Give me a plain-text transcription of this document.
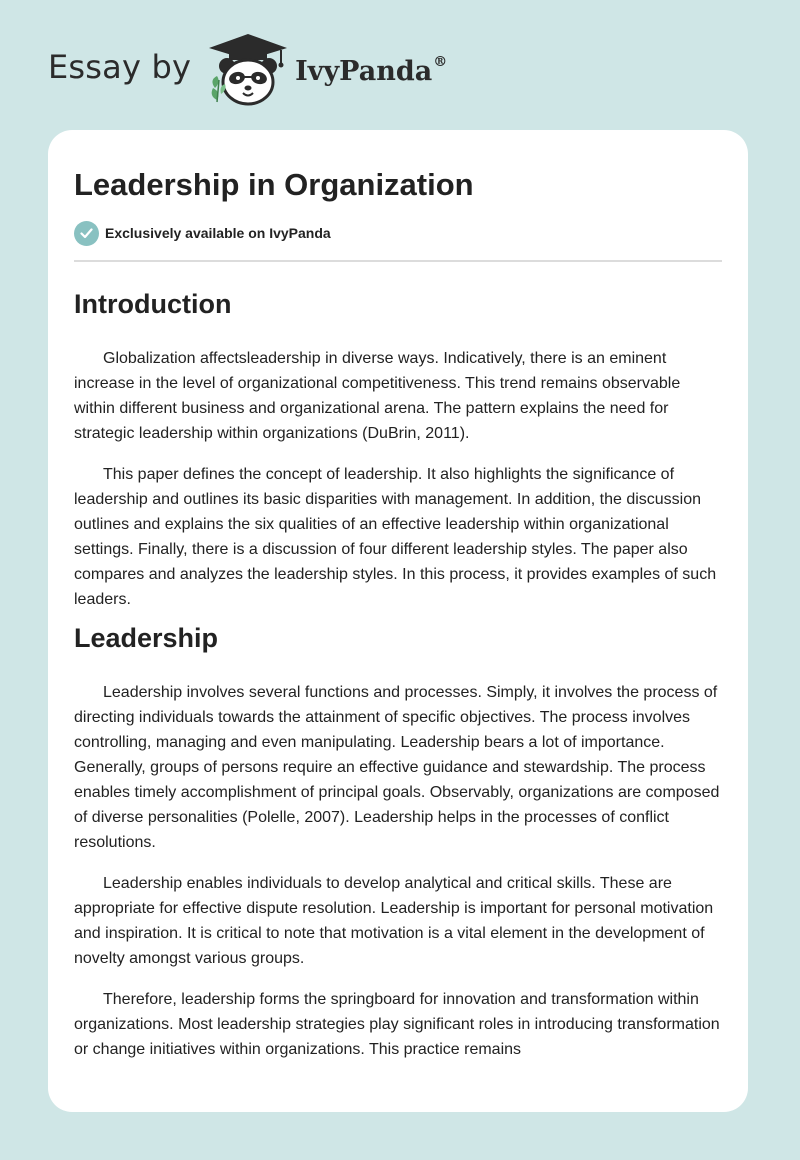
Essay by	IvyPanda®
Leadership in Organization
Exclusively available on IvyPanda
Introduction

Globalization affectsleadership in diverse ways. Indicatively, there is an eminent increase in the level of organizational competitiveness. This trend remains observable within different business and organizational arena. The pattern explains the need for strategic leadership within organizations (DuBrin, 2011).

This paper defines the concept of leadership. It also highlights the significance of leadership and outlines its basic disparities with management. In addition, the discussion outlines and explains the six qualities of an effective leadership within organizational settings. Finally, there is a discussion of four different leadership styles. The paper also compares and analyzes the leadership styles. In this process, it provides examples of such leaders.

Leadership

Leadership involves several functions and processes. Simply, it involves the process of directing individuals towards the attainment of specific objectives. The process involves controlling, managing and even manipulating. Leadership bears a lot of importance. Generally, groups of persons require an effective guidance and stewardship. The process enables timely accomplishment of principal goals. Observably, organizations are composed of diverse personalities (Polelle, 2007). Leadership helps in the processes of conflict resolutions.

Leadership enables individuals to develop analytical and critical skills. These are appropriate for effective dispute resolution. Leadership is important for personal motivation and inspiration. It is critical to note that motivation is a vital element in the development of novelty amongst various groups.

Therefore, leadership forms the springboard for innovation and transformation within organizations. Most leadership strategies play significant roles in introducing transformation or change initiatives within organizations. This practice remains
